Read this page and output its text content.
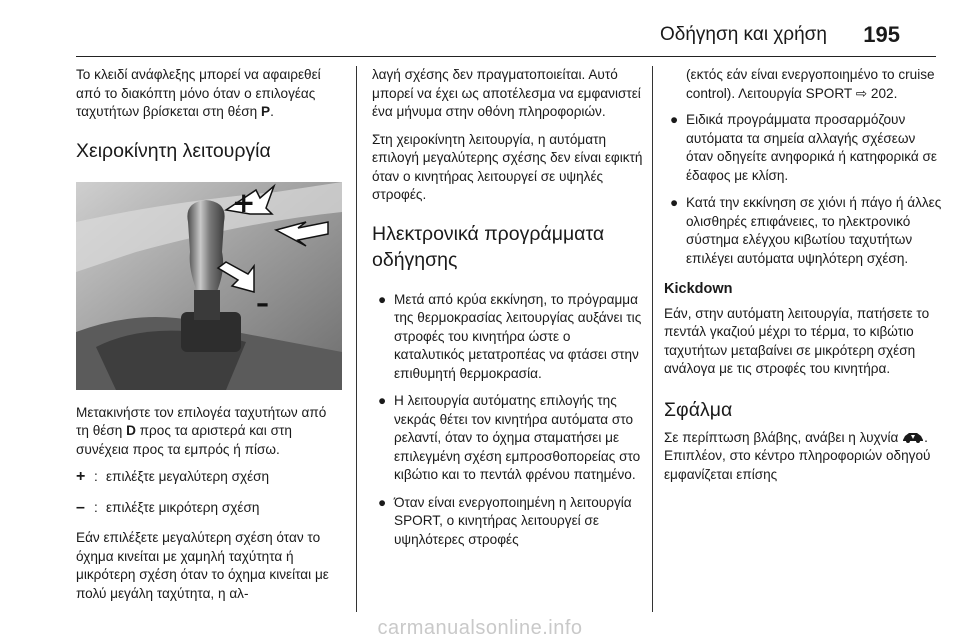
Οδήγηση και χρήση 195

Το κλειδί ανάφλεξης μπορεί να αφαιρεθεί από το διακόπτη μόνο όταν ο επιλογέας ταχυτήτων βρίσκεται στη θέση P.

Χειροκίνητη λειτουργία
+
–

Μετακινήστε τον επιλογέα ταχυτήτων από τη θέση D προς τα αριστερά και στη συνέχεια προς τα εμπρός ή πίσω.

+ : επιλέξτε μεγαλύτερη σχέση
– : επιλέξτε μικρότερη σχέση

Εάν επιλέξετε μεγαλύτερη σχέση όταν το όχημα κινείται με χαμηλή ταχύτητα ή μικρότερη σχέση όταν το όχημα κινείται με πολύ μεγάλη ταχύτητα, η αλ-

λαγή σχέσης δεν πραγματοποιείται. Αυτό μπορεί να έχει ως αποτέλεσμα να εμφανιστεί ένα μήνυμα στην οθόνη πληροφοριών.

Στη χειροκίνητη λειτουργία, η αυτόματη επιλογή μεγαλύτερης σχέσης δεν είναι εφικτή όταν ο κινητήρας λειτουργεί σε υψηλές στροφές.

Ηλεκτρονικά προγράμματα οδήγησης
● Μετά από κρύα εκκίνηση, το πρόγραμμα της θερμοκρασίας λειτουργίας αυξάνει τις στροφές του κινητήρα ώστε ο καταλυτικός μετατροπέας να φτάσει στην επιθυμητή θερμοκρασία.
● Η λειτουργία αυτόματης επιλογής της νεκράς θέτει τον κινητήρα αυτόματα στο ρελαντί, όταν το όχημα σταματήσει με επιλεγμένη σχέση εμπροσθοπορείας στο κιβώτιο και το πεντάλ φρένου πατημένο.
● Όταν είναι ενεργοποιημένη η λειτουργία SPORT, ο κινητήρας λειτουργεί σε υψηλότερες στροφές

(εκτός εάν είναι ενεργοποιημένο το cruise control). Λειτουργία SPORT ⇨ 202.

● Ειδικά προγράμματα προσαρμόζουν αυτόματα τα σημεία αλλαγής σχέσεων όταν οδηγείτε ανηφορικά ή κατηφορικά σε έδαφος με κλίση.
● Κατά την εκκίνηση σε χιόνι ή πάγο ή άλλες ολισθηρές επιφάνειες, το ηλεκτρονικό σύστημα ελέγχου κιβωτίου ταχυτήτων επιλέγει αυτόματα υψηλότερη σχέση.
Kickdown

Εάν, στην αυτόματη λειτουργία, πατήσετε το πεντάλ γκαζιού μέχρι το τέρμα, το κιβώτιο ταχυτήτων μεταβαίνει σε μικρότερη σχέση ανάλογα με τις στροφές του κινητήρα.

Σφάλμα

Σε περίπτωση βλάβης, ανάβει η λυχνία . Επιπλέον, στο κέντρο πληροφοριών οδηγού εμφανίζεται επίσης

carmanualsonline.info
